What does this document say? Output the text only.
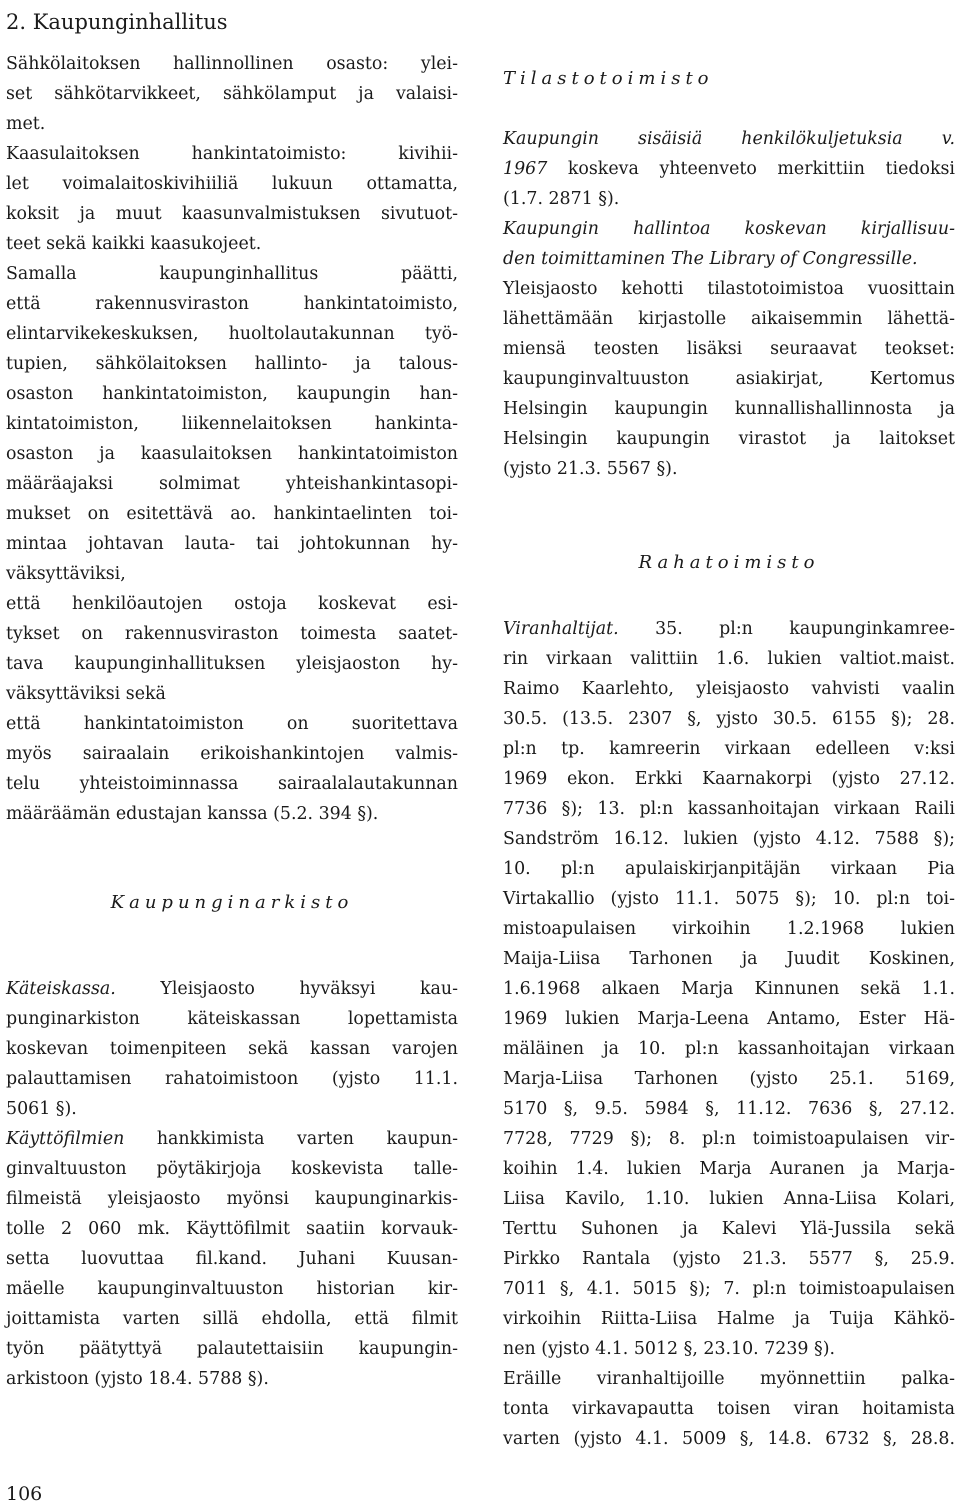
2. Kaupunginhallitus
Sähkölaitoksen hallinnollinen osasto: ylei-
set sähkötarvikkeet, sähkölamput ja valaisi-
met.
Kaasulaitoksen hankintatoimisto: kivihii-
let voimalaitoskivihiiliä lukuun ottamatta,
koksit ja muut kaasunvalmistuksen sivutuot-
teet sekä kaikki kaasukojeet.
Samalla kaupunginhallitus päätti,
että rakennusviraston hankintatoimisto,
elintarvikekeskuksen, huoltolautakunnan työ-
tupien, sähkölaitoksen hallinto- ja talous-
osaston hankintatoimiston, kaupungin han-
kintatoimiston, liikennelaitoksen hankinta-
osaston ja kaasulaitoksen hankintatoimiston
määräajaksi solmimat yhteishankintasopi-
mukset on esitettävä ao. hankintaelinten toi-
mintaa johtavan lauta- tai johtokunnan hy-
väksyttäviksi,
että henkilöautojen ostoja koskevat esi-
tykset on rakennusviraston toimesta saatet-
tava kaupunginhallituksen yleisjaoston hy-
väksyttäviksi sekä
että hankintatoimiston on suoritettava
myös sairaalain erikoishankintojen valmis-
telu yhteistoiminnassa sairaalalautakunnan
määräämän edustajan kanssa (5.2. 394 §).
Kaupunginarkisto
Käteiskassa. Yleisjaosto hyväksyi kau-
punginarkiston käteiskassan lopettamista
koskevan toimenpiteen sekä kassan varojen
palauttamisen rahatoimistoon (yjsto 11.1.
5061 §).
Käyttöfilmien hankkimista varten kaupun-
ginvaltuuston pöytäkirjoja koskevista talle-
filmeistä yleisjaosto myönsi kaupunginarkis-
tolle 2 060 mk. Käyttöfilmit saatiin korvauk-
setta luovuttaa fil.kand. Juhani Kuusan-
mäelle kaupunginvaltuuston historian kir-
joittamista varten sillä ehdolla, että filmit
työn päätyttyä palautettaisiin kaupungin-
arkistoon (yjsto 18.4. 5788 §).
Tilastotoimisto
Kaupungin sisäisiä henkilökuljetuksia v.
1967 koskeva yhteenveto merkittiin tiedoksi
(1.7. 2871 §).
Kaupungin hallintoa koskevan kirjallisuu-
den toimittaminen The Library of Congressille.
Yleisjaosto kehotti tilastotoimistoa vuosittain
lähettämään kirjastolle aikaisemmin lähettä-
miensä teosten lisäksi seuraavat teokset:
kaupunginvaltuuston asiakirjat, Kertomus
Helsingin kaupungin kunnallishallinnosta ja
Helsingin kaupungin virastot ja laitokset
(yjsto 21.3. 5567 §).
Rahatoimisto
Viranhaltijat. 35. pl:n kaupunginkamree-
rin virkaan valittiin 1.6. lukien valtiot.maist.
Raimo Kaarlehto, yleisjaosto vahvisti vaalin
30.5. (13.5. 2307 §, yjsto 30.5. 6155 §); 28.
pl:n tp. kamreerin virkaan edelleen v:ksi
1969 ekon. Erkki Kaarnakorpi (yjsto 27.12.
7736 §); 13. pl:n kassanhoitajan virkaan Raili
Sandström 16.12. lukien (yjsto 4.12. 7588 §);
10. pl:n apulaiskirjanpitäjän virkaan Pia
Virtakallio (yjsto 11.1. 5075 §); 10. pl:n toi-
mistoapulaisen virkoihin 1.2.1968 lukien
Maija-Liisa Tarhonen ja Juudit Koskinen,
1.6.1968 alkaen Marja Kinnunen sekä 1.1.
1969 lukien Marja-Leena Antamo, Ester Hä-
mäläinen ja 10. pl:n kassanhoitajan virkaan
Marja-Liisa Tarhonen (yjsto 25.1. 5169,
5170 §, 9.5. 5984 §, 11.12. 7636 §, 27.12.
7728, 7729 §); 8. pl:n toimistoapulaisen vir-
koihin 1.4. lukien Marja Auranen ja Marja-
Liisa Kavilo, 1.10. lukien Anna-Liisa Kolari,
Terttu Suhonen ja Kalevi Ylä-Jussila sekä
Pirkko Rantala (yjsto 21.3. 5577 §, 25.9.
7011 §, 4.1. 5015 §); 7. pl:n toimistoapulaisen
virkoihin Riitta-Liisa Halme ja Tuija Kähkö-
nen (yjsto 4.1. 5012 §, 23.10. 7239 §).
Eräille viranhaltijoille myönnettiin palka-
tonta virkavapautta toisen viran hoitamista
varten (yjsto 4.1. 5009 §, 14.8. 6732 §, 28.8.
106
